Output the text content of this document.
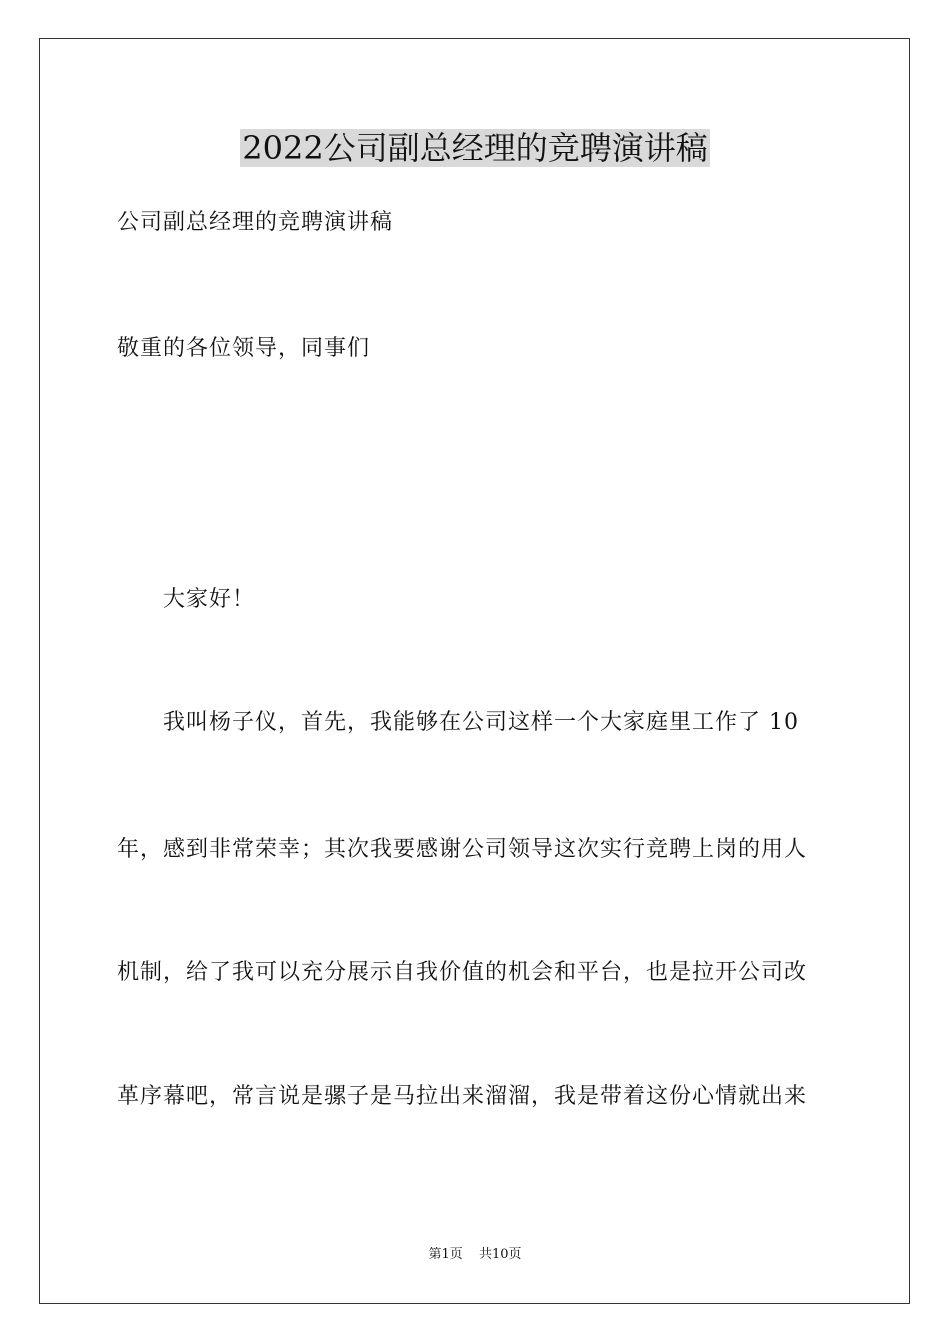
2022公司副总经理的竞聘演讲稿

公司副总经理的竞聘演讲稿

敬重的各位领导，同事们

大家好！

我叫杨子仪，首先，我能够在公司这样一个大家庭里工作了 10

年，感到非常荣幸；其次我要感谢公司领导这次实行竞聘上岗的用人

机制，给了我可以充分展示自我价值的机会和平台，也是拉开公司改

革序幕吧，常言说是骡子是马拉出来溜溜，我是带着这份心情就出来

第1页 共10页
